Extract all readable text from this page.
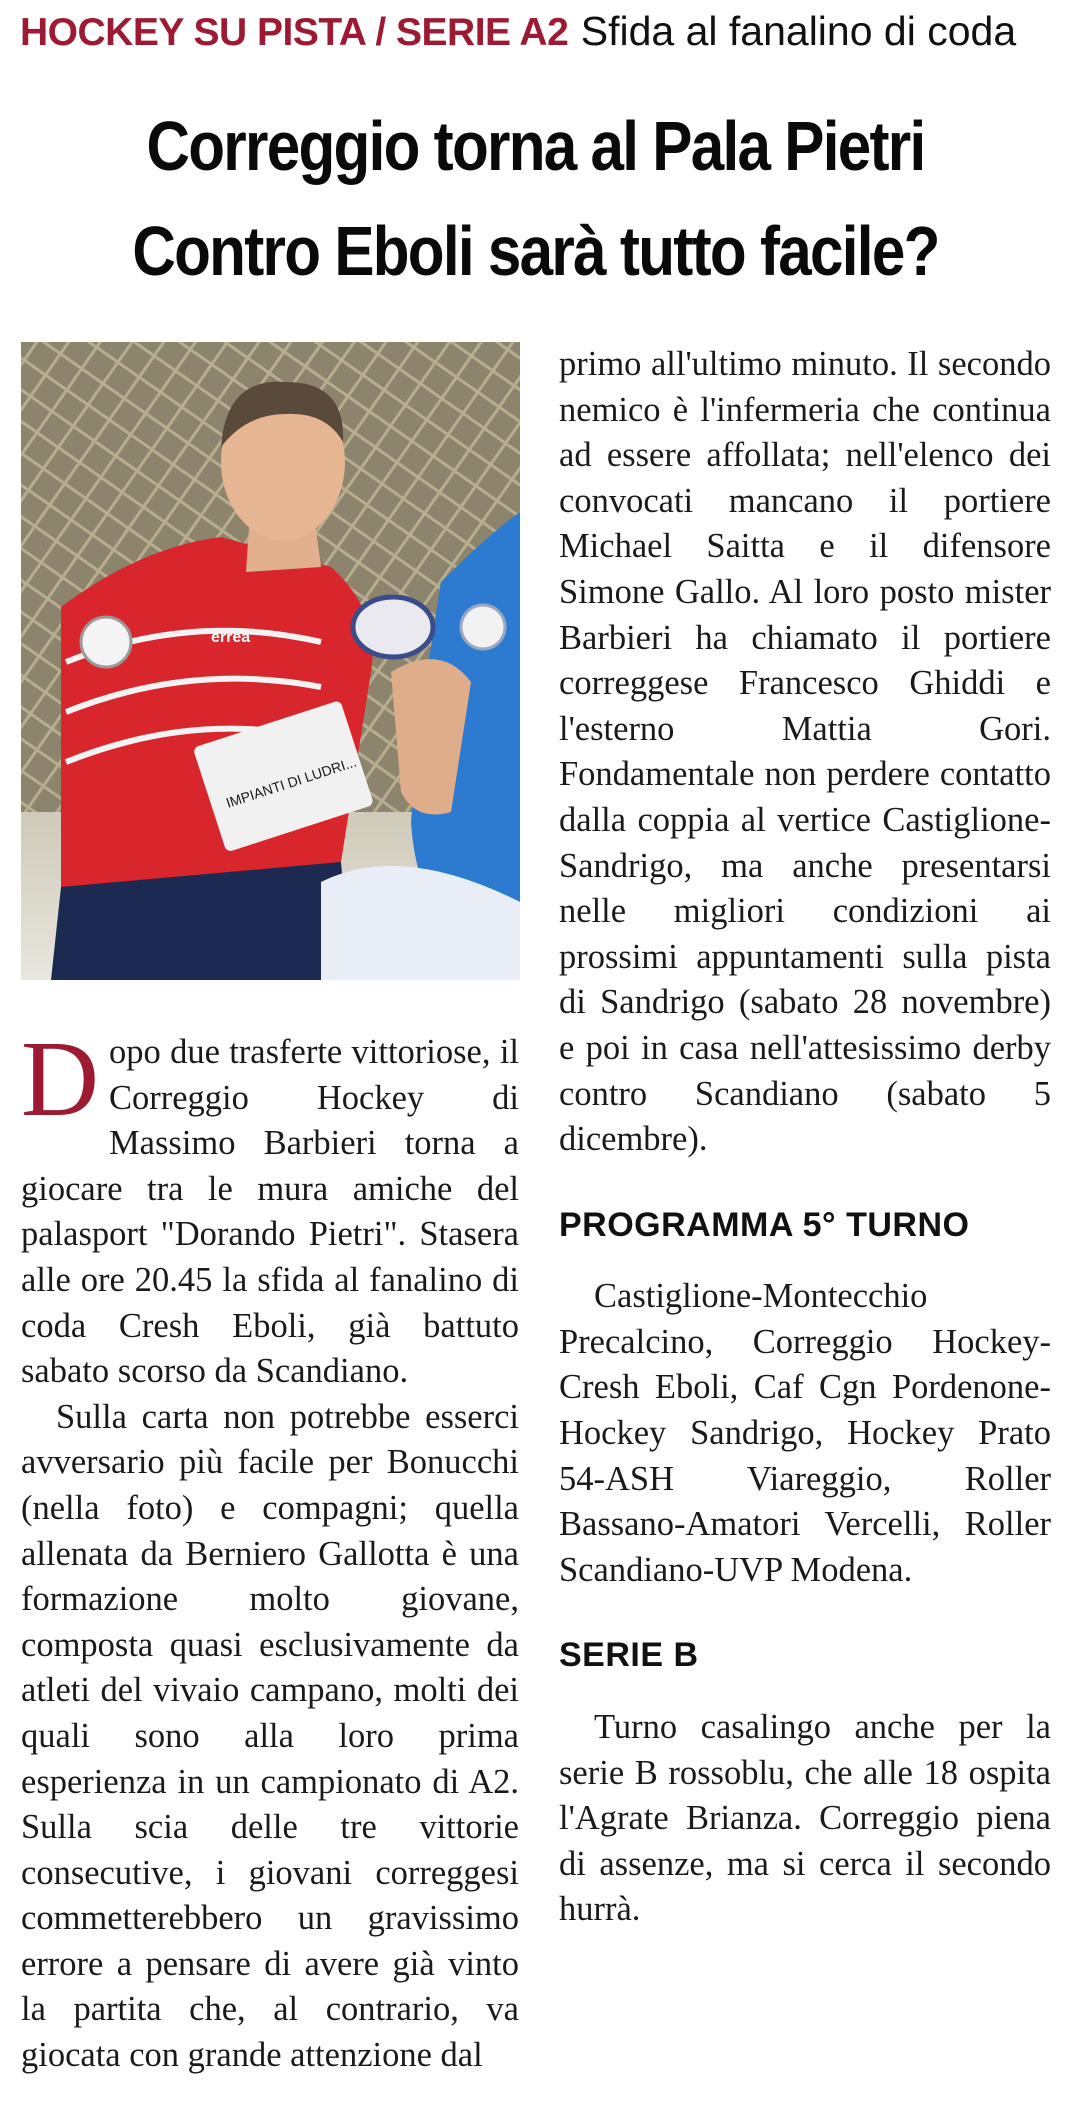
HOCKEY SU PISTA / SERIE A2 Sfida al fanalino di coda
Correggio torna al Pala Pietri
Contro Eboli sarà tutto facile?
IMPIANTI DI LUDRI...
errea

Dopo due trasferte vittoriose, il Correggio Hockey di Massimo Barbieri torna a giocare tra le mura amiche del palasport "Dorando Pietri". Stasera alle ore 20.45 la sfida al fanalino di coda Cresh Eboli, già battuto sabato scorso da Scandiano.

Sulla carta non potrebbe esserci avversario più facile per Bonucchi (nella foto) e compagni; quella allenata da Berniero Gallotta è una formazione molto giovane, composta quasi esclusivamente da atleti del vivaio campano, molti dei quali sono alla loro prima esperienza in un campionato di A2. Sulla scia delle tre vittorie consecutive, i giovani correggesi commetterebbero un gravissimo errore a pensare di avere già vinto la partita che, al contrario, va giocata con grande attenzione dal

primo all'ultimo minuto. Il secondo nemico è l'infermeria che continua ad essere affollata; nell'elenco dei convocati mancano il portiere Michael Saitta e il difensore Simone Gallo. Al loro posto mister Barbieri ha chiamato il portiere correggese Francesco Ghiddi e l'esterno Mattia Gori. Fondamentale non perdere contatto dalla coppia al vertice Castiglione-Sandrigo, ma anche presentarsi nelle migliori condizioni ai prossimi appuntamenti sulla pista di Sandrigo (sabato 28 novembre) e poi in casa nell'attesissimo derby contro Scandiano (sabato 5 dicembre).

PROGRAMMA 5° TURNO

Castiglione-Montecchio Precalcino, Correggio Hockey-Cresh Eboli, Caf Cgn Pordenone-Hockey Sandrigo, Hockey Prato 54-ASH Viareggio, Roller Bassano-Amatori Vercelli, Roller Scandiano-UVP Modena.

SERIE B

Turno casalingo anche per la serie B rossoblu, che alle 18 ospita l'Agrate Brianza. Correggio piena di assenze, ma si cerca il secondo hurrà.
